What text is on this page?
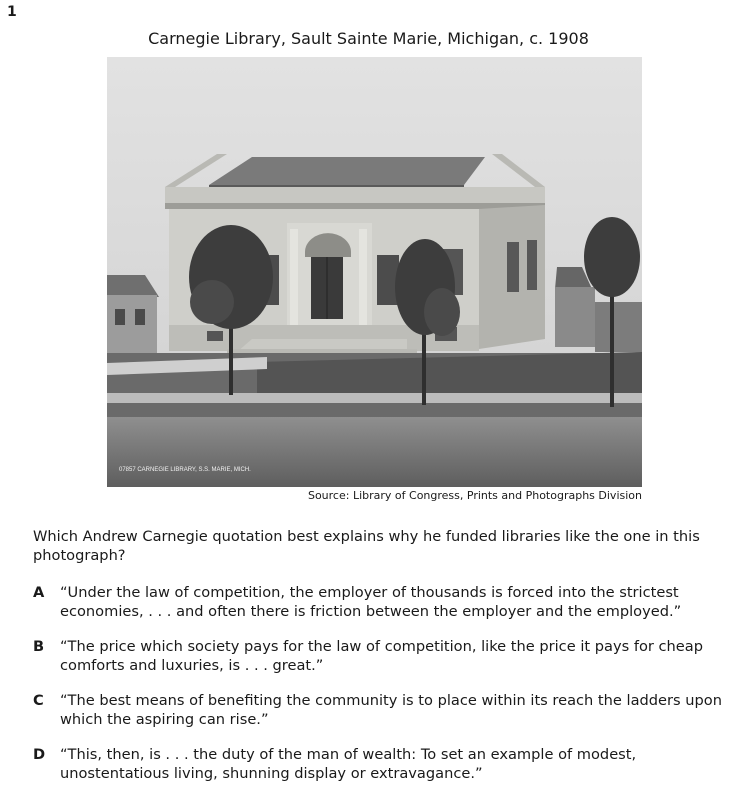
1
Carnegie Library, Sault Sainte Marie, Michigan, c. 1908
07857 CARNEGIE LIBRARY, S.S. MARIE, MICH.
Source: Library of Congress, Prints and Photographs Division
Which Andrew Carnegie quotation best explains why he funded libraries like the one in this photograph?
A “Under the law of competition, the employer of thousands is forced into the strictest economies, . . . and often there is friction between the employer and the employed.”
B “The price which society pays for the law of competition, like the price it pays for cheap comforts and luxuries, is . . . great.”
C “The best means of benefiting the community is to place within its reach the ladders upon which the aspiring can rise.”
D “This, then, is . . . the duty of the man of wealth: To set an example of modest, unostentatious living, shunning display or extravagance.”
